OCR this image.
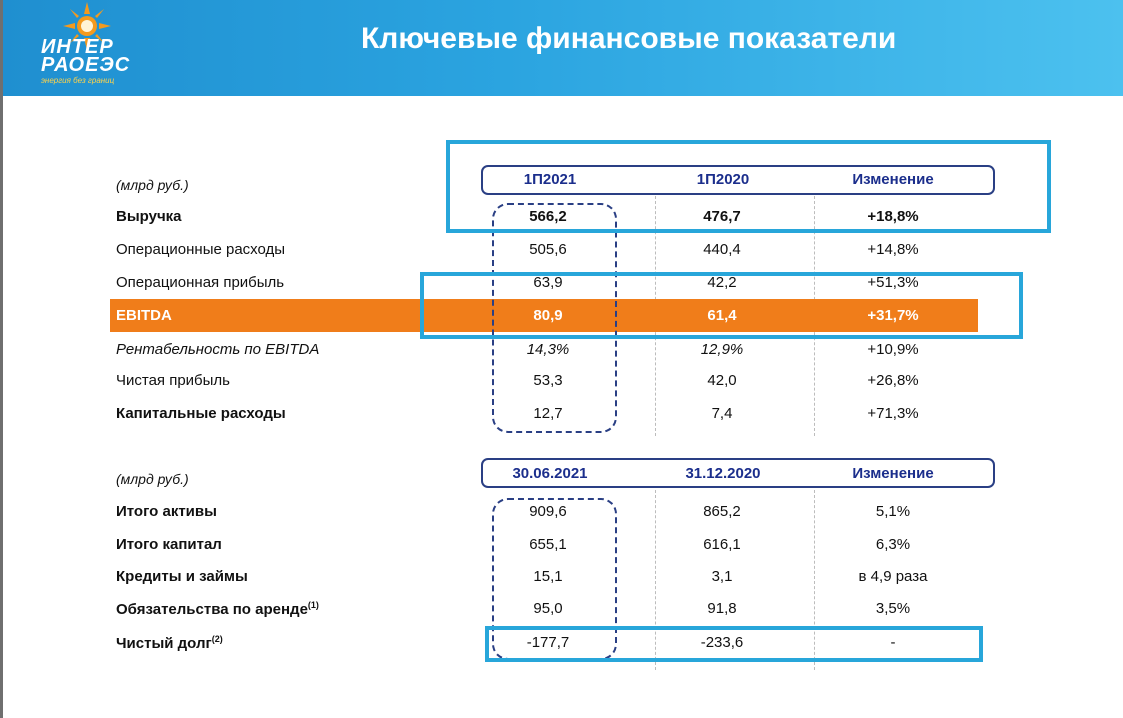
ИНТЕР
РАОЕЭС
энергия без границ
Ключевые финансовые показатели
(млрд руб.)	1П2021	1П2020	Изменение
Выручка	566,2	476,7	+18,8%
Операционные расходы	505,6	440,4	+14,8%
Операционная прибыль	63,9	42,2	+51,3%
EBITDA	80,9	61,4	+31,7%
Рентабельность по EBITDA	14,3%	12,9%	+10,9%
Чистая прибыль	53,3	42,0	+26,8%
Капитальные расходы	12,7	7,4	+71,3%
(млрд руб.)	30.06.2021	31.12.2020	Изменение
Итого активы	909,6	865,2	5,1%
Итого капитал	655,1	616,1	6,3%
Кредиты и займы	15,1	3,1	в 4,9 раза
Обязательства по аренде$^{(1)}$	95,0	91,8	3,5%
Чистый долг$^{(2)}$	-177,7	-233,6	-
